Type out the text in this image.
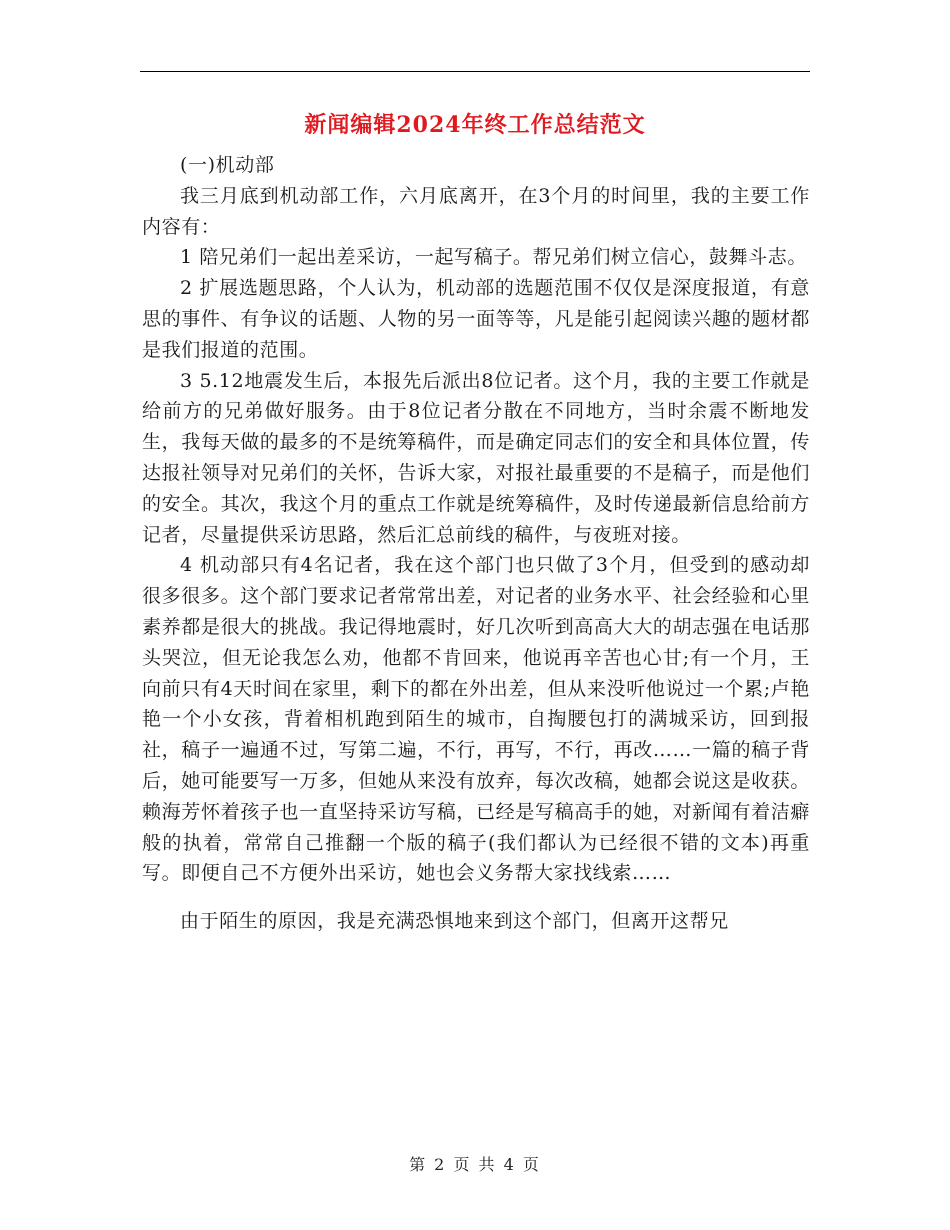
新闻编辑2024年终工作总结范文

(一)机动部

我三月底到机动部工作，六月底离开，在3个月的时间里，我的主要工作内容有：

1 陪兄弟们一起出差采访，一起写稿子。帮兄弟们树立信心，鼓舞斗志。

2 扩展选题思路，个人认为，机动部的选题范围不仅仅是深度报道，有意思的事件、有争议的话题、人物的另一面等等，凡是能引起阅读兴趣的题材都是我们报道的范围。

3 5.12地震发生后，本报先后派出8位记者。这个月，我的主要工作就是给前方的兄弟做好服务。由于8位记者分散在不同地方，当时余震不断地发生，我每天做的最多的不是统筹稿件，而是确定同志们的安全和具体位置，传达报社领导对兄弟们的关怀，告诉大家，对报社最重要的不是稿子，而是他们的安全。其次，我这个月的重点工作就是统筹稿件，及时传递最新信息给前方记者，尽量提供采访思路，然后汇总前线的稿件，与夜班对接。

4 机动部只有4名记者，我在这个部门也只做了3个月，但受到的感动却很多很多。这个部门要求记者常常出差，对记者的业务水平、社会经验和心里素养都是很大的挑战。我记得地震时，好几次听到高高大大的胡志强在电话那头哭泣，但无论我怎么劝，他都不肯回来，他说再辛苦也心甘;有一个月，王向前只有4天时间在家里，剩下的都在外出差，但从来没听他说过一个累;卢艳艳一个小女孩，背着相机跑到陌生的城市，自掏腰包打的满城采访，回到报社，稿子一遍通不过，写第二遍，不行，再写，不行，再改……一篇的稿子背后，她可能要写一万多，但她从来没有放弃，每次改稿，她都会说这是收获。赖海芳怀着孩子也一直坚持采访写稿，已经是写稿高手的她，对新闻有着洁癖般的执着，常常自己推翻一个版的稿子(我们都认为已经很不错的文本)再重写。即便自己不方便外出采访，她也会义务帮大家找线索……

由于陌生的原因，我是充满恐惧地来到这个部门，但离开这帮兄

第 2 页 共 4 页
